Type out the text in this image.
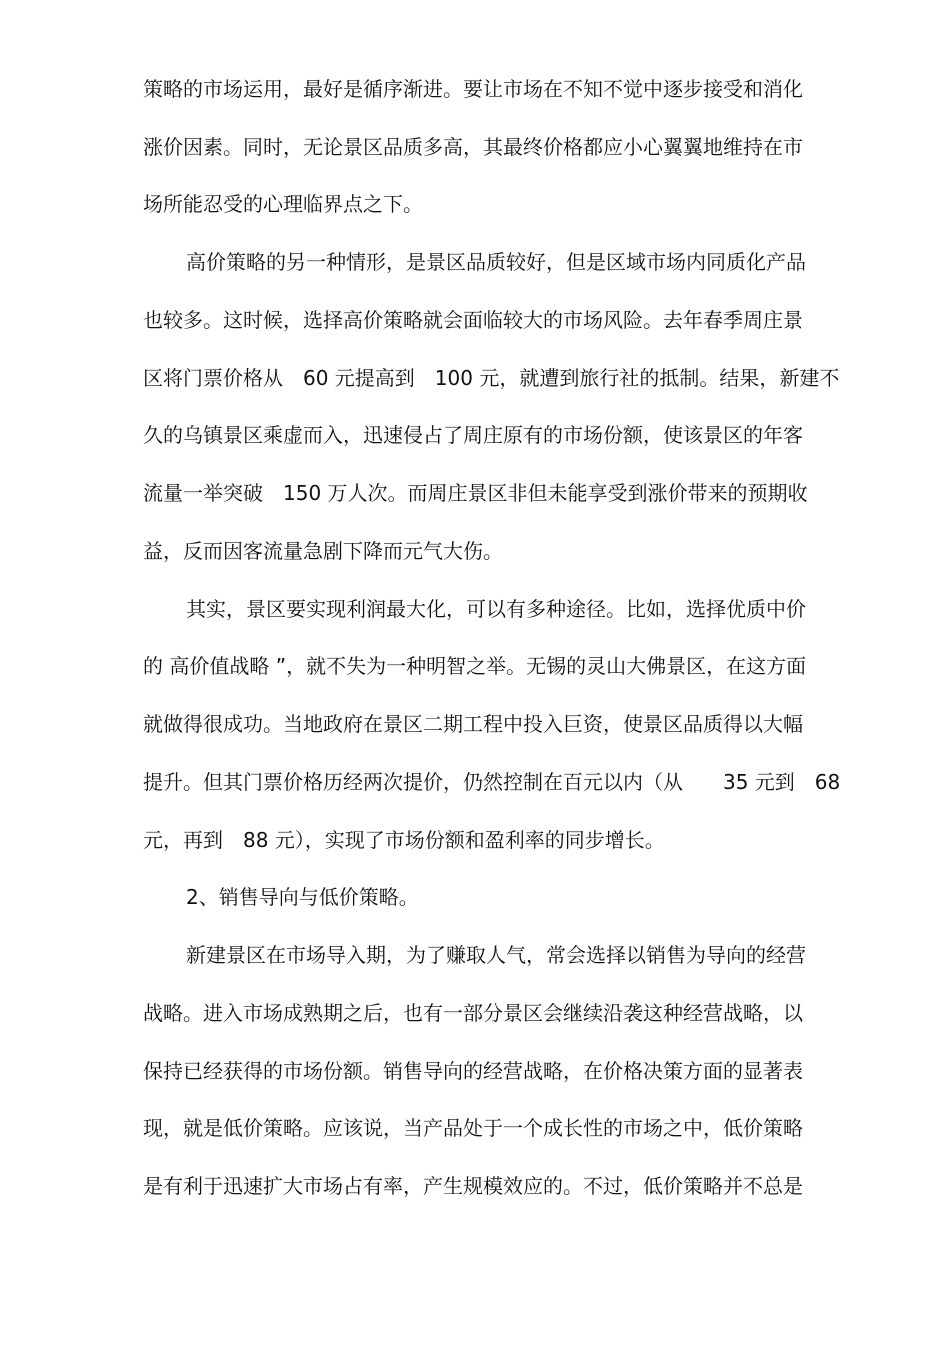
策略的市场运用，最好是循序渐进。要让市场在不知不觉中逐步接受和消化
涨价因素。同时，无论景区品质多高，其最终价格都应小心翼翼地维持在市
场所能忍受的心理临界点之下。
高价策略的另一种情形，是景区品质较好，但是区域市场内同质化产品
也较多。这时候，选择高价策略就会面临较大的市场风险。去年春季周庄景
区将门票价格从　60 元提高到　100 元，就遭到旅行社的抵制。结果，新建不
久的乌镇景区乘虚而入，迅速侵占了周庄原有的市场份额，使该景区的年客
流量一举突破　150 万人次。而周庄景区非但未能享受到涨价带来的预期收
益，反而因客流量急剧下降而元气大伤。
其实，景区要实现利润最大化，可以有多种途径。比如，选择优质中价
的 高价值战略 ”，就不失为一种明智之举。无锡的灵山大佛景区，在这方面
就做得很成功。当地政府在景区二期工程中投入巨资，使景区品质得以大幅
提升。但其门票价格历经两次提价，仍然控制在百元以内（从　　35 元到　68
元，再到　88 元），实现了市场份额和盈利率的同步增长。
2、销售导向与低价策略。
新建景区在市场导入期，为了赚取人气，常会选择以销售为导向的经营
战略。进入市场成熟期之后，也有一部分景区会继续沿袭这种经营战略，以
保持已经获得的市场份额。销售导向的经营战略，在价格决策方面的显著表
现，就是低价策略。应该说，当产品处于一个成长性的市场之中，低价策略
是有利于迅速扩大市场占有率，产生规模效应的。不过，低价策略并不总是
